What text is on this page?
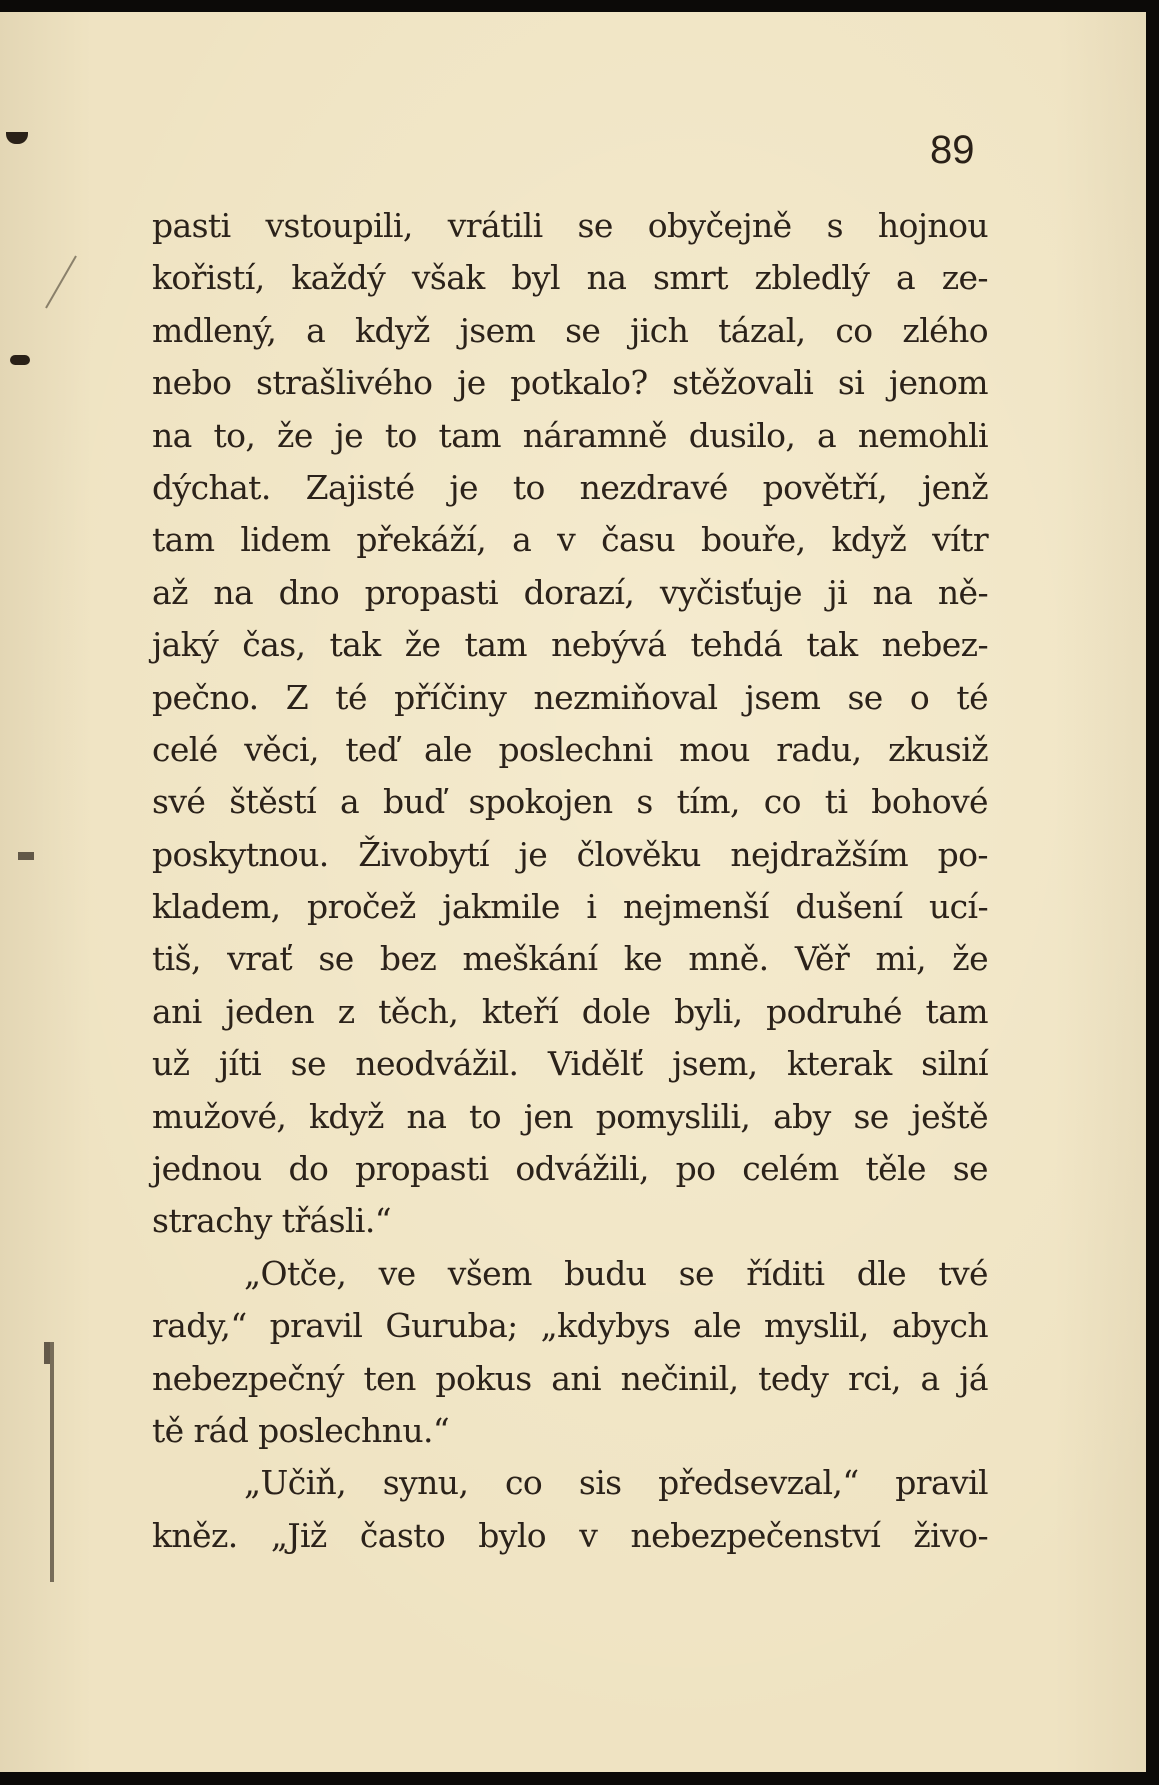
89
pasti vstoupili, vrátili se obyčejně s hojnou
kořistí, každý však byl na smrt zbledlý a ze-
mdlený, a když jsem se jich tázal, co zlého
nebo strašlivého je potkalo? stěžovali si jenom
na to, že je to tam náramně dusilo, a nemohli
dýchat. Zajisté je to nezdravé povětří, jenž
tam lidem překáží, a v času bouře, když vítr
až na dno propasti dorazí, vyčisťuje ji na ně-
jaký čas, tak že tam nebývá tehdá tak nebez-
pečno. Z té příčiny nezmiňoval jsem se o té
celé věci, teď ale poslechni mou radu, zkusiž
své štěstí a buď spokojen s tím, co ti bohové
poskytnou. Živobytí je člověku nejdražším po-
kladem, pročež jakmile i nejmenší dušení ucí-
tiš, vrať se bez meškání ke mně. Věř mi, že
ani jeden z těch, kteří dole byli, podruhé tam
už jíti se neodvážil. Vidělť jsem, kterak silní
mužové, když na to jen pomyslili, aby se ještě
jednou do propasti odvážili, po celém těle se
strachy třásli.“
„Otče, ve všem budu se říditi dle tvé
rady,“ pravil Guruba; „kdybys ale myslil, abych
nebezpečný ten pokus ani nečinil, tedy rci, a já
tě rád poslechnu.“
„Učiň, synu, co sis předsevzal,“ pravil
kněz. „Již často bylo v nebezpečenství živo-
